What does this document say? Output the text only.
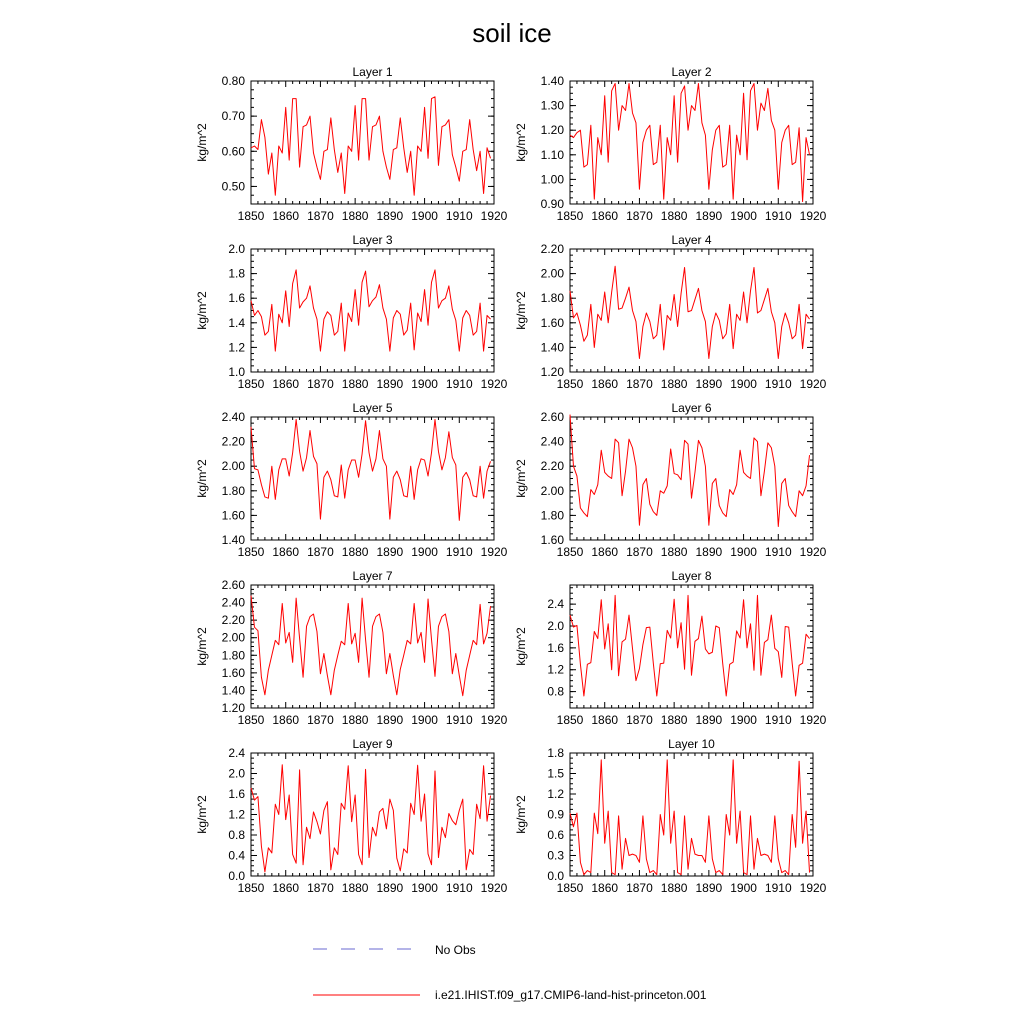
soil ice
Layer 1
1850 1860 1870 1880 1890 1900 1910 1920
0.50
0.60
0.70
0.80
kg/m^2
Layer 2
1850 1860 1870 1880 1890 1900 1910 1920
0.90
1.00
1.10
1.20
1.30
1.40
kg/m^2
Layer 3
1850 1860 1870 1880 1890 1900 1910 1920
1.0
1.2
1.4
1.6
1.8
2.0
kg/m^2
Layer 4
1850 1860 1870 1880 1890 1900 1910 1920
1.20
1.40
1.60
1.80
2.00
2.20
kg/m^2
Layer 5
1850 1860 1870 1880 1890 1900 1910 1920
1.40
1.60
1.80
2.00
2.20
2.40
kg/m^2
Layer 6
1850 1860 1870 1880 1890 1900 1910 1920
1.60
1.80
2.00
2.20
2.40
2.60
kg/m^2
Layer 7
1850 1860 1870 1880 1890 1900 1910 1920
1.20
1.40
1.60
1.80
2.00
2.20
2.40
2.60
kg/m^2
Layer 8
1850 1860 1870 1880 1890 1900 1910 1920
0.8
1.2
1.6
2.0
2.4
kg/m^2
Layer 9
1850 1860 1870 1880 1890 1900 1910 1920
0.0
0.4
0.8
1.2
1.6
2.0
2.4
kg/m^2
Layer 10
1850 1860 1870 1880 1890 1900 1910 1920
0.0
0.3
0.6
0.9
1.2
1.5
1.8
kg/m^2
No Obs
i.e21.IHIST.f09_g17.CMIP6-land-hist-princeton.001
